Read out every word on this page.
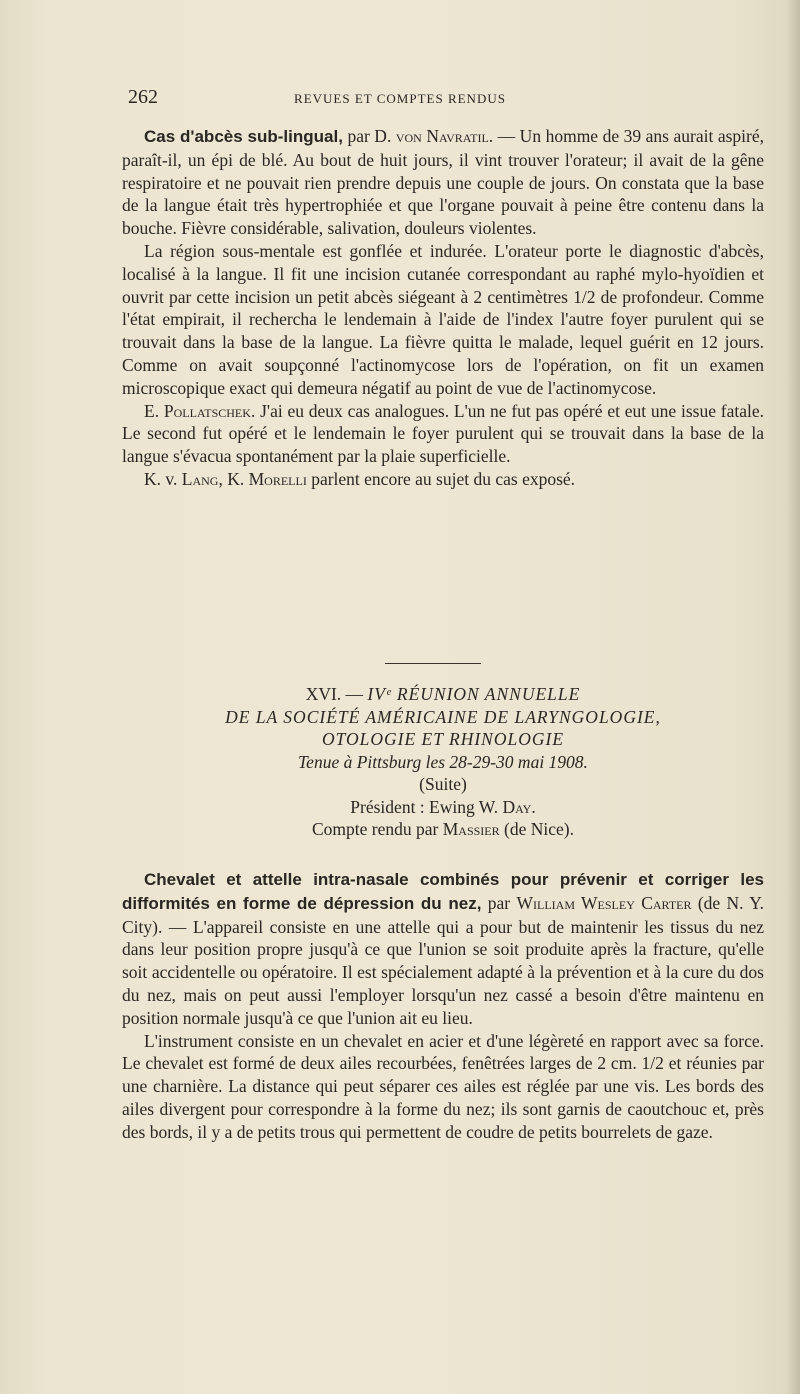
262	REVUES ET COMPTES RENDUS

Cas d'abcès sub-lingual, par D. von Navratil. — Un homme de 39 ans aurait aspiré, paraît-il, un épi de blé. Au bout de huit jours, il vint trouver l'orateur; il avait de la gêne respiratoire et ne pouvait rien prendre depuis une couple de jours. On constata que la base de la langue était très hypertrophiée et que l'organe pouvait à peine être contenu dans la bouche. Fièvre considérable, salivation, douleurs violentes.

La région sous-mentale est gonflée et indurée. L'orateur porte le diagnostic d'abcès, localisé à la langue. Il fit une incision cutanée correspondant au raphé mylo-hyoïdien et ouvrit par cette incision un petit abcès siégeant à 2 centimètres 1/2 de profondeur. Comme l'état empirait, il rechercha le lendemain à l'aide de l'index l'autre foyer purulent qui se trouvait dans la base de la langue. La fièvre quitta le malade, lequel guérit en 12 jours. Comme on avait soupçonné l'actinomycose lors de l'opération, on fit un examen microscopique exact qui demeura négatif au point de vue de l'actinomycose.

E. Pollatschek. J'ai eu deux cas analogues. L'un ne fut pas opéré et eut une issue fatale. Le second fut opéré et le lendemain le foyer purulent qui se trouvait dans la base de la langue s'évacua spontanément par la plaie superficielle.

K. v. Lang, K. Morelli parlent encore au sujet du cas exposé.

XVI. — IVᵉ RÉUNION ANNUELLE
DE LA SOCIÉTÉ AMÉRICAINE DE LARYNGOLOGIE,
OTOLOGIE ET RHINOLOGIE
Tenue à Pittsburg les 28-29-30 mai 1908.
(Suite)
Président : Ewing W. Day.
Compte rendu par Massier (de Nice).

Chevalet et attelle intra-nasale combinés pour prévenir et corriger les difformités en forme de dépression du nez, par William Wesley Carter (de N. Y. City). — L'appareil consiste en une attelle qui a pour but de maintenir les tissus du nez dans leur position propre jusqu'à ce que l'union se soit produite après la fracture, qu'elle soit accidentelle ou opératoire. Il est spécialement adapté à la prévention et à la cure du dos du nez, mais on peut aussi l'employer lorsqu'un nez cassé a besoin d'être maintenu en position normale jusqu'à ce que l'union ait eu lieu.

L'instrument consiste en un chevalet en acier et d'une légèreté en rapport avec sa force. Le chevalet est formé de deux ailes recourbées, fenêtrées larges de 2 cm. 1/2 et réunies par une charnière. La distance qui peut séparer ces ailes est réglée par une vis. Les bords des ailes divergent pour correspondre à la forme du nez; ils sont garnis de caoutchouc et, près des bords, il y a de petits trous qui permettent de coudre de petits bourrelets de gaze.
